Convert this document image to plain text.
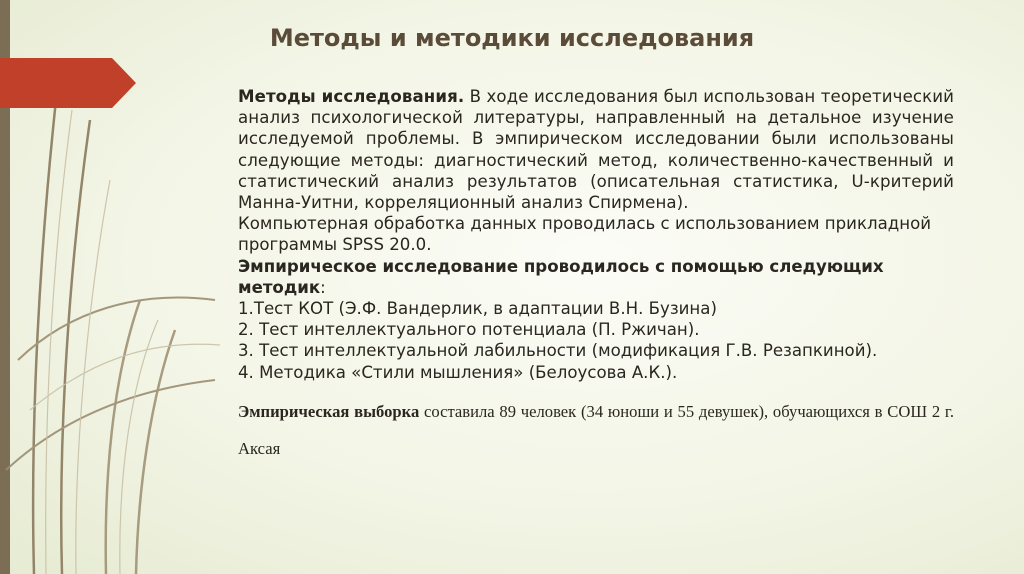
Методы и методики исследования

Методы исследования. В ходе исследования был использован теоретический анализ психологической литературы, направленный на детальное изучение исследуемой проблемы. В эмпирическом исследовании были использованы следующие методы: диагностический метод, количественно-качественный и статистический анализ результатов (описательная статистика, U-критерий Манна-Уитни, корреляционный анализ Спирмена).

Компьютерная обработка данных проводилась с использованием прикладной программы SPSS 20.0.

Эмпирическое исследование проводилось с помощью следующих методик:

1.Тест КОТ (Э.Ф. Вандерлик, в адаптации В.Н. Бузина)

2. Тест интеллектуального потенциала (П. Ржичан).

3. Тест интеллектуальной лабильности (модификация Г.В. Резапкиной).

4. Методика «Стили мышления» (Белоусова А.К.).

Эмпирическая выборка составила 89 человек (34 юноши и 55 девушек), обучающихся в СОШ 2 г. Аксая
